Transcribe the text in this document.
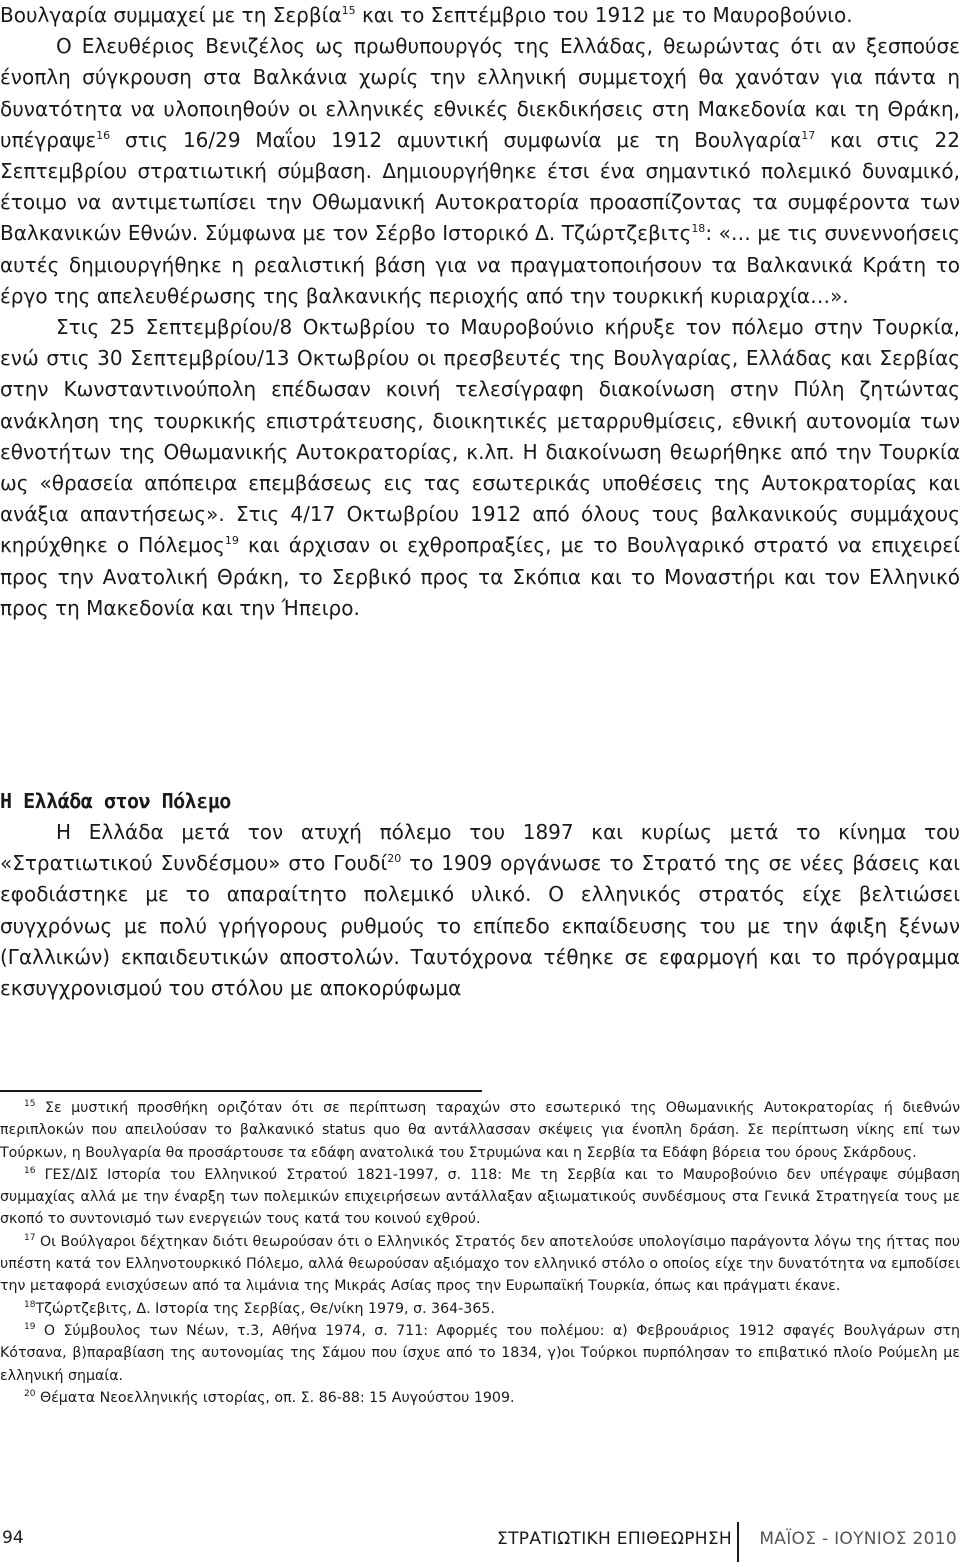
Βουλγαρία συμμαχεί με τη Σερβία$^{15}$ και το Σεπτέμβριο του 1912 με το Μαυροβούνιο.

Ο Ελευθέριος Βενιζέλος ως πρωθυπουργός της Ελλάδας, θεωρώντας ότι αν ξεσπούσε ένοπλη σύγκρουση στα Βαλκάνια χωρίς την ελληνική συμμετοχή θα χανόταν για πάντα η δυνατότητα να υλοποιηθούν οι ελληνικές εθνικές διεκδικήσεις στη Μακεδονία και τη Θράκη, υπέγραψε$^{16}$ στις 16/29 Μαΐου 1912 αμυντική συμφωνία με τη Βουλγαρία$^{17}$ και στις 22 Σεπτεμβρίου στρατιωτική σύμβαση. Δημιουργήθηκε έτσι ένα σημαντικό πολεμικό δυναμικό, έτοιμο να αντιμετωπίσει την Οθωμανική Αυτοκρατορία προασπίζοντας τα συμφέροντα των Βαλκανικών Εθνών. Σύμφωνα με τον Σέρβο Ιστορικό Δ. Τζώρτζεβιτς$^{18}$: «… με τις συνεννοήσεις αυτές δημιουργήθηκε η ρεαλιστική βάση για να πραγματοποιήσουν τα Βαλκανικά Κράτη το έργο της απελευθέρωσης της βαλκανικής περιοχής από την τουρκική κυριαρχία…».

Στις 25 Σεπτεμβρίου/8 Οκτωβρίου το Μαυροβούνιο κήρυξε τον πόλεμο στην Τουρκία, ενώ στις 30 Σεπτεμβρίου/13 Οκτωβρίου οι πρεσβευτές της Βουλγαρίας, Ελλάδας και Σερβίας στην Κωνσταντινούπολη επέδωσαν κοινή τελεσίγραφη διακοίνωση στην Πύλη ζητώντας ανάκληση της τουρκικής επιστράτευσης, διοικητικές μεταρρυθμίσεις, εθνική αυτονομία των εθνοτήτων της Οθωμανικής Αυτοκρατορίας, κ.λπ. Η διακοίνωση θεωρήθηκε από την Τουρκία ως «θρασεία απόπειρα επεμβάσεως εις τας εσωτερικάς υποθέσεις της Αυτοκρατορίας και ανάξια απαντήσεως». Στις 4/17 Οκτωβρίου 1912 από όλους τους βαλκανικούς συμμάχους κηρύχθηκε ο Πόλεμος$^{19}$ και άρχισαν οι εχθροπραξίες, με το Βουλγαρικό στρατό να επιχειρεί προς την Ανατολική Θράκη, το Σερβικό προς τα Σκόπια και το Μοναστήρι και τον Ελληνικό προς τη Μακεδονία και την Ήπειρο.

Η Ελλάδα στον Πόλεμο

Η Ελλάδα μετά τον ατυχή πόλεμο του 1897 και κυρίως μετά το κίνημα του «Στρατιωτικού Συνδέσμου» στο Γουδί$^{20}$ το 1909 οργάνωσε το Στρατό της σε νέες βάσεις και εφοδιάστηκε με το απαραίτητο πολεμικό υλικό. Ο ελληνικός στρατός είχε βελτιώσει συγχρόνως με πολύ γρήγορους ρυθμούς το επίπεδο εκπαίδευσης του με την άφιξη ξένων (Γαλλικών) εκπαιδευτικών αποστολών. Ταυτόχρονα τέθηκε σε εφαρμογή και το πρόγραμμα εκσυγχρονισμού του στόλου με αποκορύφωμα

$^{15}$ Σε μυστική προσθήκη οριζόταν ότι σε περίπτωση ταραχών στο εσωτερικό της Οθωμανικής Αυτοκρατορίας ή διεθνών περιπλοκών που απειλούσαν το βαλκανικό status quo θα αντάλλασσαν σκέψεις για ένοπλη δράση. Σε περίπτωση νίκης επί των Τούρκων, η Βουλγαρία θα προσάρτουσε τα εδάφη ανατολικά του Στρυμώνα και η Σερβία τα Εδάφη βόρεια του όρους Σκάρδους.

$^{16}$ ΓΕΣ/ΔΙΣ Ιστορία του Ελληνικού Στρατού 1821-1997, σ. 118: Με τη Σερβία και το Μαυροβούνιο δεν υπέγραψε σύμβαση συμμαχίας αλλά με την έναρξη των πολεμικών επιχειρήσεων αντάλλαξαν αξιωματικούς συνδέσμους στα Γενικά Στρατηγεία τους με σκοπό το συντονισμό των ενεργειών τους κατά του κοινού εχθρού.

$^{17}$ Οι Βούλγαροι δέχτηκαν διότι θεωρούσαν ότι ο Ελληνικός Στρατός δεν αποτελούσε υπολογίσιμο παράγοντα λόγω της ήττας που υπέστη κατά τον Ελληνοτουρκικό Πόλεμο, αλλά θεωρούσαν αξιόμαχο τον ελληνικό στόλο ο οποίος είχε την δυνατότητα να εμποδίσει την μεταφορά ενισχύσεων από τα λιμάνια της Μικράς Ασίας προς την Ευρωπαϊκή Τουρκία, όπως και πράγματι έκανε.

$^{18}$Τζώρτζεβιτς, Δ. Ιστορία της Σερβίας, Θε/νίκη 1979, σ. 364-365.

$^{19}$ Ο Σύμβουλος των Νέων, τ.3, Αθήνα 1974, σ. 711: Αφορμές του πολέμου: α) Φεβρουάριος 1912 σφαγές Βουλγάρων στη Κότσανα, β)παραβίαση της αυτονομίας της Σάμου που ίσχυε από το 1834, γ)οι Τούρκοι πυρπόλησαν το επιβατικό πλοίο Ρούμελη με ελληνική σημαία.

$^{20}$ Θέματα Νεοελληνικής ιστορίας, οπ. Σ. 86-88: 15 Αυγούστου 1909.

94	ΣΤΡΑΤΙΩΤΙΚΗ ΕΠΙΘΕΩΡΗΣΗ ΜΑΪΟΣ - ΙΟΥΝΙΟΣ 2010
